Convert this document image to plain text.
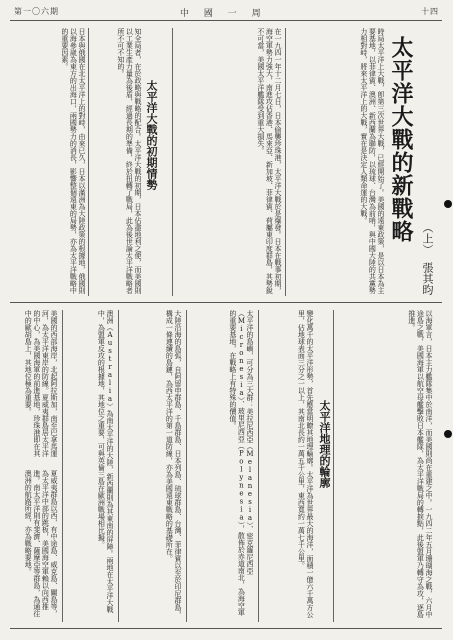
十四
中 國 一 周
第一〇六期
太平洋大戰的新戰略 （上）
張其昀
時局太平洋上大戰，卽第三次世界大戰，已經開始了。美國的遠東政策，是以日本為主要基地，以菲律賓、澳洲、新西蘭為聯防，以琉球、台灣為前哨，與中國大陸的共黨勢力相對峙，將來太平洋上的大戰，實在是決定人類命運的大戰。
在一九四一年十二月七日，日本偷襲珍珠港，太平洋大戰於是爆發。日本在戰事初期，海空軍勢力強大，南進攻佔香港、馬來亞、新加坡、菲律賓、荷屬東印度群島，其勢銳不可當，美國太平洋艦隊受到重大損失。
太平洋大戰的初期情勢
知全局者，在於政略與戰略的配合。太平洋大戰的初期，日本佔盡地利之便，而美國則以工業生產力量為後盾，經過長期的準備，終於扭轉了戰局，此為後世論太平洋戰略者所不可不知的。
日本與俄國在北太平洋上的對峙，由來已久，日本以滿洲為大陸政策的根據地，俄國則以海參崴為東方的出海口，兩國勢力的消長，影響整個遠東的局勢，亦為太平洋戰略中的重要因素。
以海軍言，日本主力艦隊集中於南洋，而美國則尚在重建之中。一九四二年五月珊瑚海之戰，六月中途島之戰，美國海軍以航空母艦擊敗日本艦隊，為太平洋戰局的轉捩點，此後盟軍乃轉守為攻，逐島推進。
太平洋地理的輪廓
變化萬千的太平洋形勢，首先應當明瞭其地理輪廓。太平洋為世界最大的海洋，面積一億六千萬方公里，佔地球表面三分之一以上，其南北長約一萬五千公里，東西寬約一萬七千公里。
太平洋的島嶼，可分為三大群：美拉尼西亞（Melanesia）、密克羅尼西亞（Micronesia）、玻里尼西亞（Polynesia），散佈於赤道南北，為海空軍的重要基地，在戰略上有特殊的價值。
大陸沿海的島弧，自阿留申群島、千島群島、日本列島、琉球群島、台灣、菲律賓以至於印尼群島，構成一條連續的島鏈，為西太平洋的第一道防線，亦為美國遠東戰略的基礎所在。
澳洲（Australia）為南太平洋的大陸，新西蘭則為其東南的屏障。兩地在太平洋大戰中，為盟軍反攻的根據地，其地位之重要，可與英倫三島在歐洲戰場相比擬。
美國的西部海岸，北起阿拉斯加，南至巴拿馬運河，為太平洋東岸的防線。夏威夷群島居太平洋的中心，為美國海軍的前進基地，珍珠港即在其中的歐胡島上，其地位極為重要。
夏威夷群島以西，有中途島、威克島、關島等，為太平洋中部的跳板，美國海空軍賴以向西推進。南太平洋則有斐濟、薩摩亞等群島，為通往澳洲的航路所經，亦為戰略要地。
